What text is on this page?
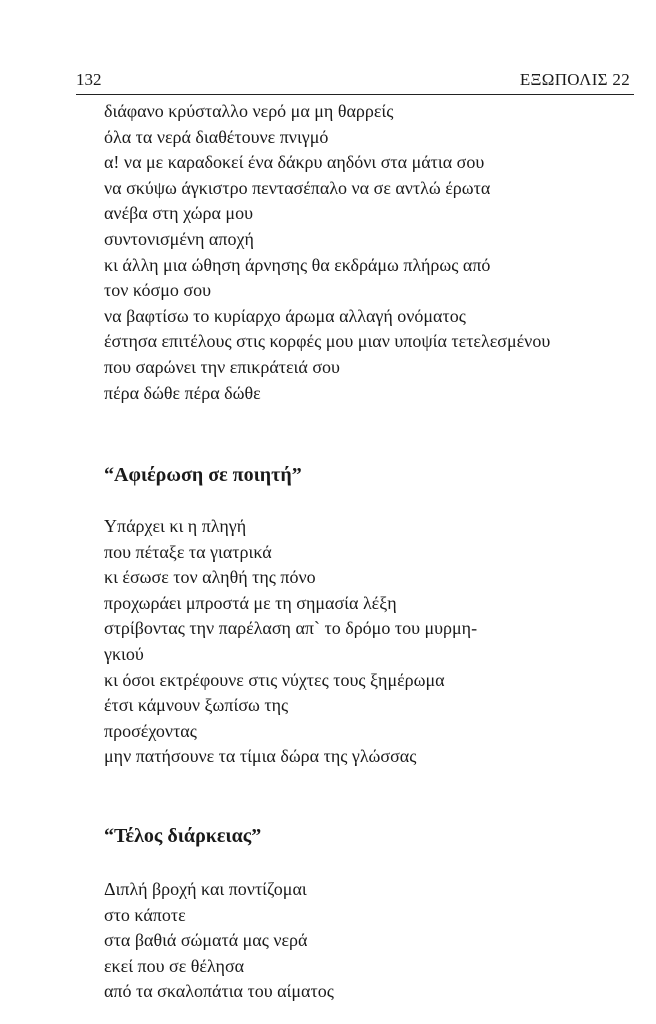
132	ΕΞΩΠΟΛΙΣ 22
διάφανο κρύσταλλο νερό μα μη θαρρείς
όλα τα νερά διαθέτουνε πνιγμό
α! να με καραδοκεί ένα δάκρυ αηδόνι στα μάτια σου
να σκύψω άγκιστρο πεντασέπαλο να σε αντλώ έρωτα
ανέβα στη χώρα μου
συντονισμένη αποχή
κι άλλη μια ώθηση άρνησης θα εκδράμω πλήρως από
τον κόσμο σου
να βαφτίσω το κυρίαρχο άρωμα αλλαγή ονόματος
έστησα επιτέλους στις κορφές μου μιαν υποψία τετελεσμένου
που σαρώνει την επικράτειά σου
πέρα δώθε πέρα δώθε
“Αφιέρωση σε ποιητή”
Υπάρχει κι η πληγή
που πέταξε τα γιατρικά
κι έσωσε τον αληθή της πόνο
προχωράει μπροστά με τη σημασία λέξη
στρίβοντας την παρέλαση απ` το δρόμο του μυρμη-
γκιού
κι όσοι εκτρέφουνε στις νύχτες τους ξημέρωμα
έτσι κάμνουν ξωπίσω της
προσέχοντας
μην πατήσουνε τα τίμια δώρα της γλώσσας
“Τέλος διάρκειας”
Διπλή βροχή και ποντίζομαι
στο κάποτε
στα βαθιά σώματά μας νερά
εκεί που σε θέλησα
από τα σκαλοπάτια του αίματος
